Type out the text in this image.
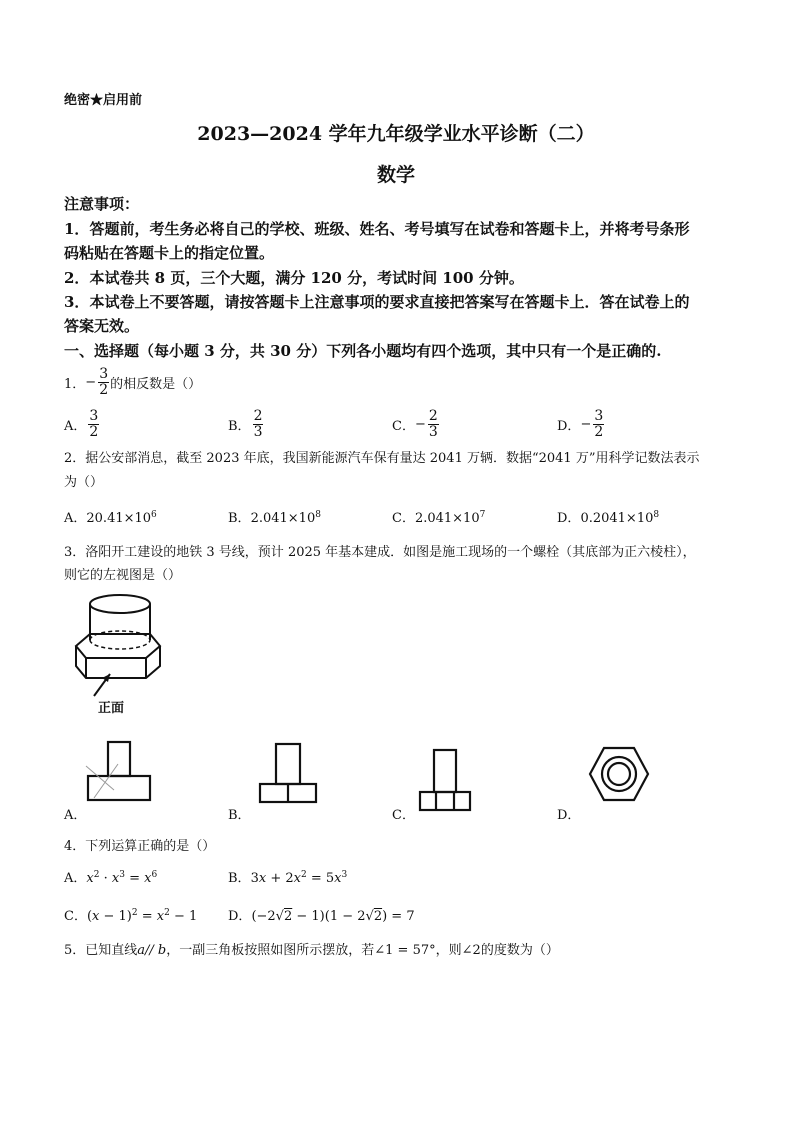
绝密★启用前
2023—2024 学年九年级学业水平诊断（二）
数学
注意事项：
1．答题前，考生务必将自己的学校、班级、姓名、考号填写在试卷和答题卡上，并将考号条形
码粘贴在答题卡上的指定位置。
2．本试卷共 8 页，三个大题，满分 120 分，考试时间 100 分钟。
3．本试卷上不要答题，请按答题卡上注意事项的要求直接把答案写在答题卡上．答在试卷上的
答案无效。
一、选择题（每小题 3 分，共 30 分）下列各小题均有四个选项，其中只有一个是正确的.
1． − $\frac{3}{2}$ 的相反数是（）
A． $\frac{3}{2}$	B． $\frac{2}{3}$	C． − $\frac{2}{3}$	D． − $\frac{3}{2}$
2．据公安部消息，截至 2023 年底，我国新能源汽车保有量达 2041 万辆．数据“2041 万”用科学记数法表示
为（）
A．$20.41\times 10^6$	B．$2.041\times 10^8$	C．$2.041\times 10^7$	D．$0.2041\times 10^8$
3．洛阳开工建设的地铁 3 号线，预计 2025 年基本建成．如图是施工现场的一个螺栓（其底部为正六棱柱），
则它的左视图是（）
正面
A．	B．	C．	D．
4．下列运算正确的是（）
A．$x^2 \cdot x^3 = x^6$	B．$3x + 2x^2 = 5x^3$
C．$(x - 1)^2 = x^2 - 1$ D．(−2√2 − 1)(1 − 2√2) = 7
5．已知直线a// b，一副三角板按照如图所示摆放，若∠1 = 57°，则∠2的度数为（）
